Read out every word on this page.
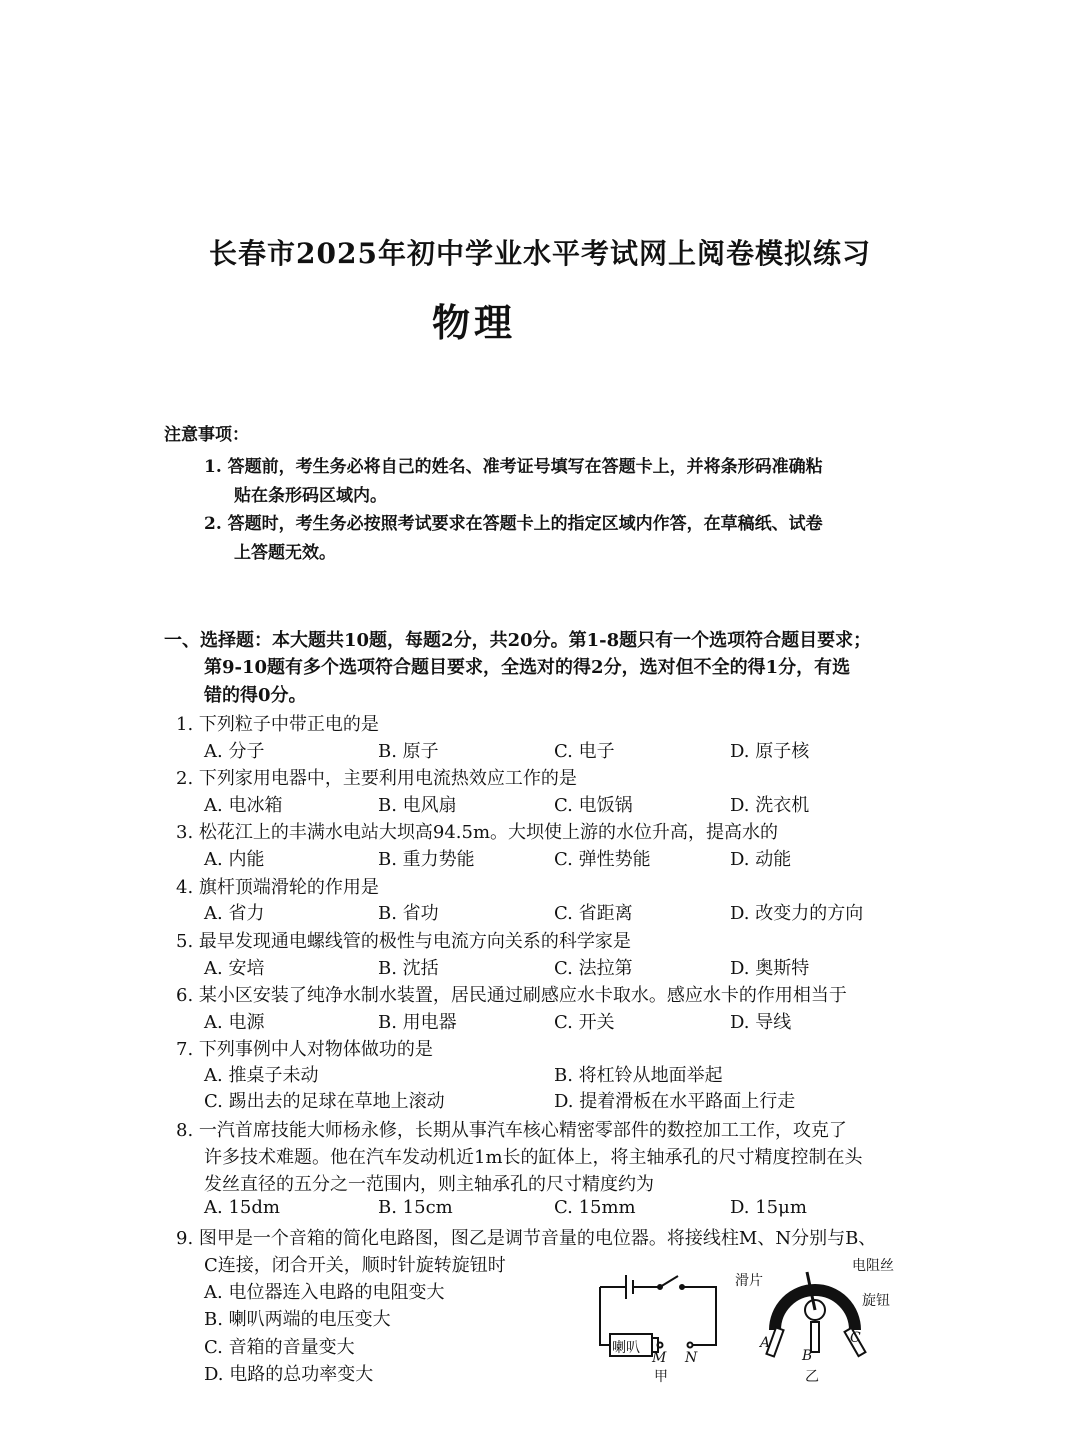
长春市2025年初中学业水平考试网上阅卷模拟练习
物理
注意事项：
1. 答题前，考生务必将自己的姓名、准考证号填写在答题卡上，并将条形码准确粘
贴在条形码区域内。
2. 答题时，考生务必按照考试要求在答题卡上的指定区域内作答，在草稿纸、试卷
上答题无效。
一、选择题：本大题共10题，每题2分，共20分。第1-8题只有一个选项符合题目要求；
第9-10题有多个选项符合题目要求，全选对的得2分，选对但不全的得1分，有选
错的得0分。
1. 下列粒子中带正电的是
A. 分子	B. 原子	C. 电子	D. 原子核
2. 下列家用电器中，主要利用电流热效应工作的是
A. 电冰箱	B. 电风扇	C. 电饭锅	D. 洗衣机
3. 松花江上的丰满水电站大坝高94.5m。大坝使上游的水位升高，提高水的
A. 内能	B. 重力势能	C. 弹性势能	D. 动能
4. 旗杆顶端滑轮的作用是
A. 省力	B. 省功	C. 省距离	D. 改变力的方向
5. 最早发现通电螺线管的极性与电流方向关系的科学家是
A. 安培	B. 沈括	C. 法拉第	D. 奥斯特
6. 某小区安装了纯净水制水装置，居民通过刷感应水卡取水。感应水卡的作用相当于
A. 电源	B. 用电器	C. 开关	D. 导线
7. 下列事例中人对物体做功的是
A. 推桌子未动	B. 将杠铃从地面举起
C. 踢出去的足球在草地上滚动	D. 提着滑板在水平路面上行走
8. 一汽首席技能大师杨永修，长期从事汽车核心精密零部件的数控加工工作，攻克了
许多技术难题。他在汽车发动机近1m长的缸体上，将主轴承孔的尺寸精度控制在头
发丝直径的五分之一范围内，则主轴承孔的尺寸精度约为
A. 15dm	B. 15cm	C. 15mm	D. 15μm
9. 图甲是一个音箱的简化电路图，图乙是调节音量的电位器。将接线柱M、N分别与B、
C连接，闭合开关，顺时针旋转旋钮时
A. 电位器连入电路的电阻变大
B. 喇叭两端的电压变大
C. 音箱的音量变大
D. 电路的总功率变大
喇叭
M N
甲
滑片
电阻丝
旋钮
A
B
C
乙
